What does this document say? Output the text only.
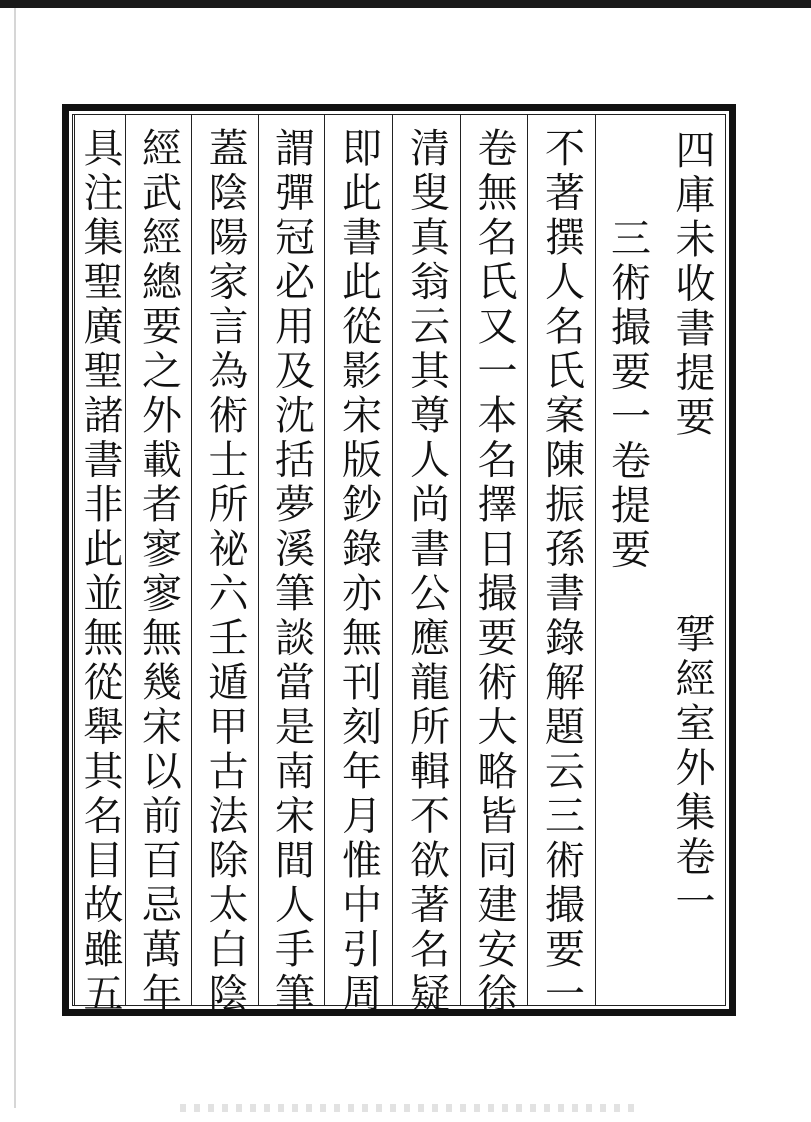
四庫未收書提要
揅經室外集卷一
三術撮要一卷提要
不著撰人名氏案陳振孫書錄解題云三術撮要一
卷無名氏又一本名擇日撮要術大略皆同建安徐
清叟真翁云其尊人尚書公應龍所輯不欲著名疑
即此書此從影宋版鈔錄亦無刊刻年月惟中引周
謂彈冠必用及沈括夢溪筆談當是南宋間人手筆
蓋陰陽家言為術士所祕六壬遁甲古法除太白陰
經武經總要之外載者寥寥無幾宋以前百忌萬年
具注集聖廣聖諸書非此並無從舉其名目故雖五
